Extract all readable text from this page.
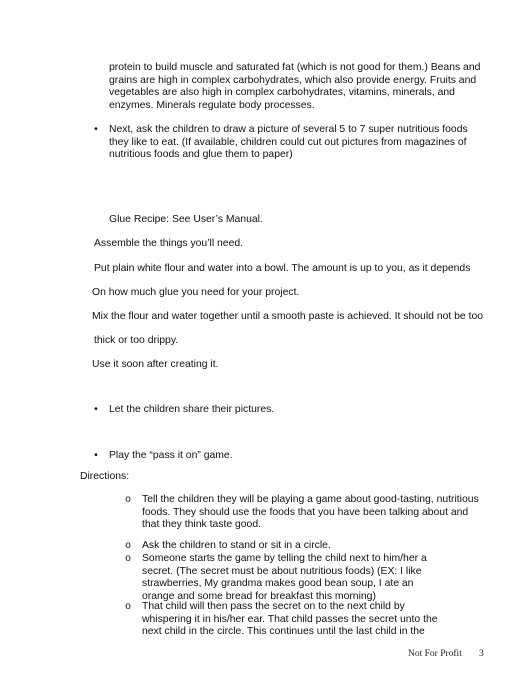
protein to build muscle and saturated fat (which is not good for them.) Beans and grains are high in complex carbohydrates, which also provide energy. Fruits and vegetables are also high in complex carbohydrates, vitamins, minerals, and enzymes. Minerals regulate body processes.
• Next, ask the children to draw a picture of several 5 to 7 super nutritious foods they like to eat. (If available, children could cut out pictures from magazines of nutritious foods and glue them to paper)
Glue Recipe: See User’s Manual.
Assemble the things you’ll need.
Put plain white flour and water into a bowl. The amount is up to you, as it depends
On how much glue you need for your project.
Mix the flour and water together until a smooth paste is achieved. It should not be too
thick or too drippy.
Use it soon after creating it.
• Let the children share their pictures.
• Play the “pass it on” game.
Directions:
o Tell the children they will be playing a game about good-tasting, nutritious foods. They should use the foods that you have been talking about and that they think taste good.
o Ask the children to stand or sit in a circle.
o Someone starts the game by telling the child next to him/her a secret. (The secret must be about nutritious foods) (EX: I like strawberries, My grandma makes good bean soup, I ate an orange and some bread for breakfast this morning)
o That child will then pass the secret on to the next child by whispering it in his/her ear. That child passes the secret unto the next child in the circle. This continues until the last child in the
Not For Profit 3
